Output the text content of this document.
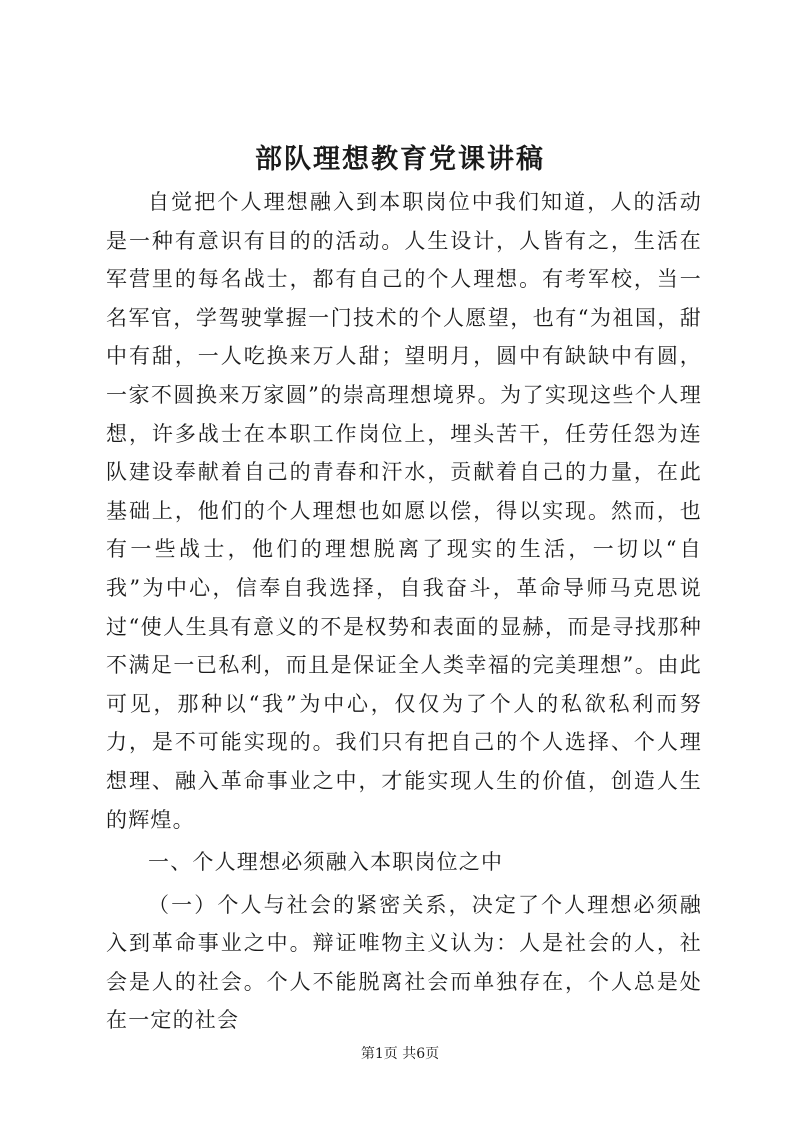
部队理想教育党课讲稿

自觉把个人理想融入到本职岗位中我们知道，人的活动是一种有意识有目的的活动。人生设计，人皆有之，生活在军营里的每名战士，都有自己的个人理想。有考军校，当一名军官，学驾驶掌握一门技术的个人愿望，也有“为祖国，甜中有甜，一人吃换来万人甜；望明月，圆中有缺缺中有圆，一家不圆换来万家圆”的崇高理想境界。为了实现这些个人理想，许多战士在本职工作岗位上，埋头苦干，任劳任怨为连队建设奉献着自己的青春和汗水，贡献着自己的力量，在此基础上，他们的个人理想也如愿以偿，得以实现。然而，也有一些战士，他们的理想脱离了现实的生活，一切以“自我”为中心，信奉自我选择，自我奋斗，革命导师马克思说过“使人生具有意义的不是权势和表面的显赫，而是寻找那种不满足一已私利，而且是保证全人类幸福的完美理想”。由此可见，那种以“我”为中心，仅仅为了个人的私欲私利而努力，是不可能实现的。我们只有把自己的个人选择、个人理想理、融入革命事业之中，才能实现人生的价值，创造人生的辉煌。

一、个人理想必须融入本职岗位之中

（一）个人与社会的紧密关系，决定了个人理想必须融入到革命事业之中。辩证唯物主义认为：人是社会的人，社会是人的社会。个人不能脱离社会而单独存在，个人总是处在一定的社会

第1页 共6页
